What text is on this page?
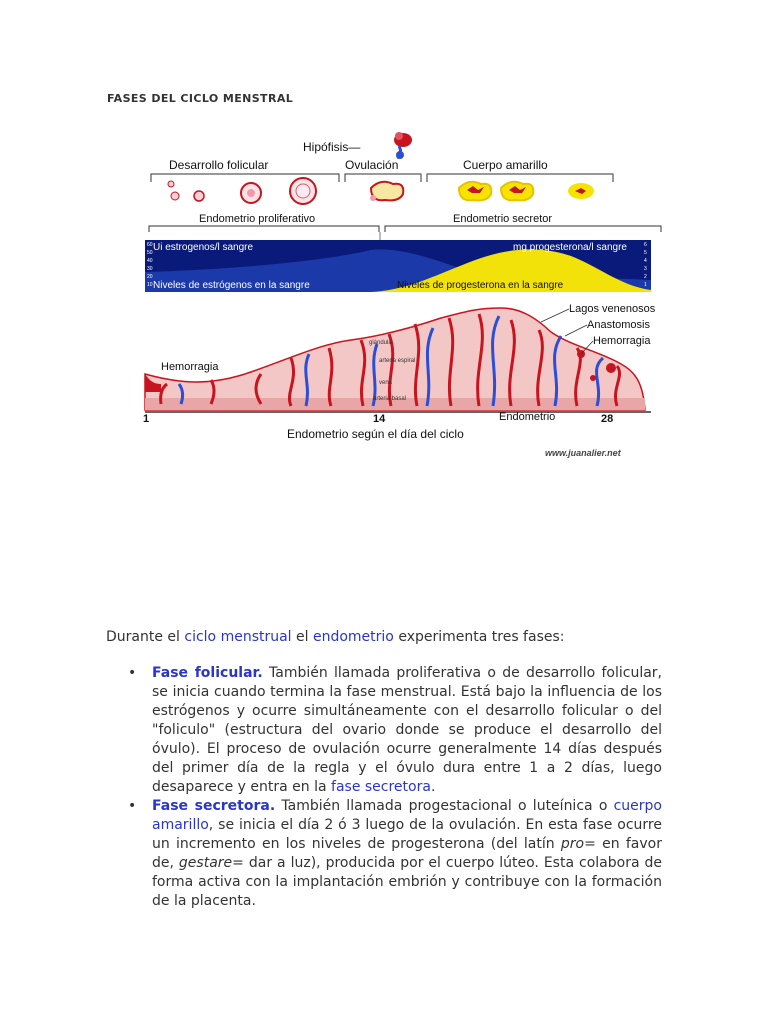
FASES DEL CICLO MENSTRAL
Hipófisis—
Desarrollo folicular	Ovulación	Cuerpo amarillo
Endometrio proliferativo	Endometrio secretor
Ui estrogenos/l sangre	mg progesterona/l sangre
Niveles de estrógenos en la sangre	Niveles de progesterona en la sangre
60
50
40
30
20
10
6
5
4
3
2
1
glándula
arteria espiral
vena
arteria basal
Hemorragia
Lagos venenosos
Anastomosis
Hemorragia
1	14	Endometrio	28
Endometrio según el día del ciclo
www.juanalier.net
Durante el ciclo menstrual el endometrio experimenta tres fases:
• Fase folicular. También llamada proliferativa o de desarrollo folicular, se inicia cuando termina la fase menstrual. Está bajo la influencia de los estrógenos y ocurre simultáneamente con el desarrollo folicular o del "foliculo" (estructura del ovario donde se produce el desarrollo del óvulo). El proceso de ovulación ocurre generalmente 14 días después del primer día de la regla y el óvulo dura entre 1 a 2 días, luego desaparece y entra en la fase secretora.
• Fase secretora. También llamada progestacional o luteínica o cuerpo amarillo, se inicia el día 2 ó 3 luego de la ovulación. En esta fase ocurre un incremento en los niveles de progesterona (del latín pro= en favor de, gestare= dar a luz), producida por el cuerpo lúteo. Esta colabora de forma activa con la implantación embrión y contribuye con la formación de la placenta.
